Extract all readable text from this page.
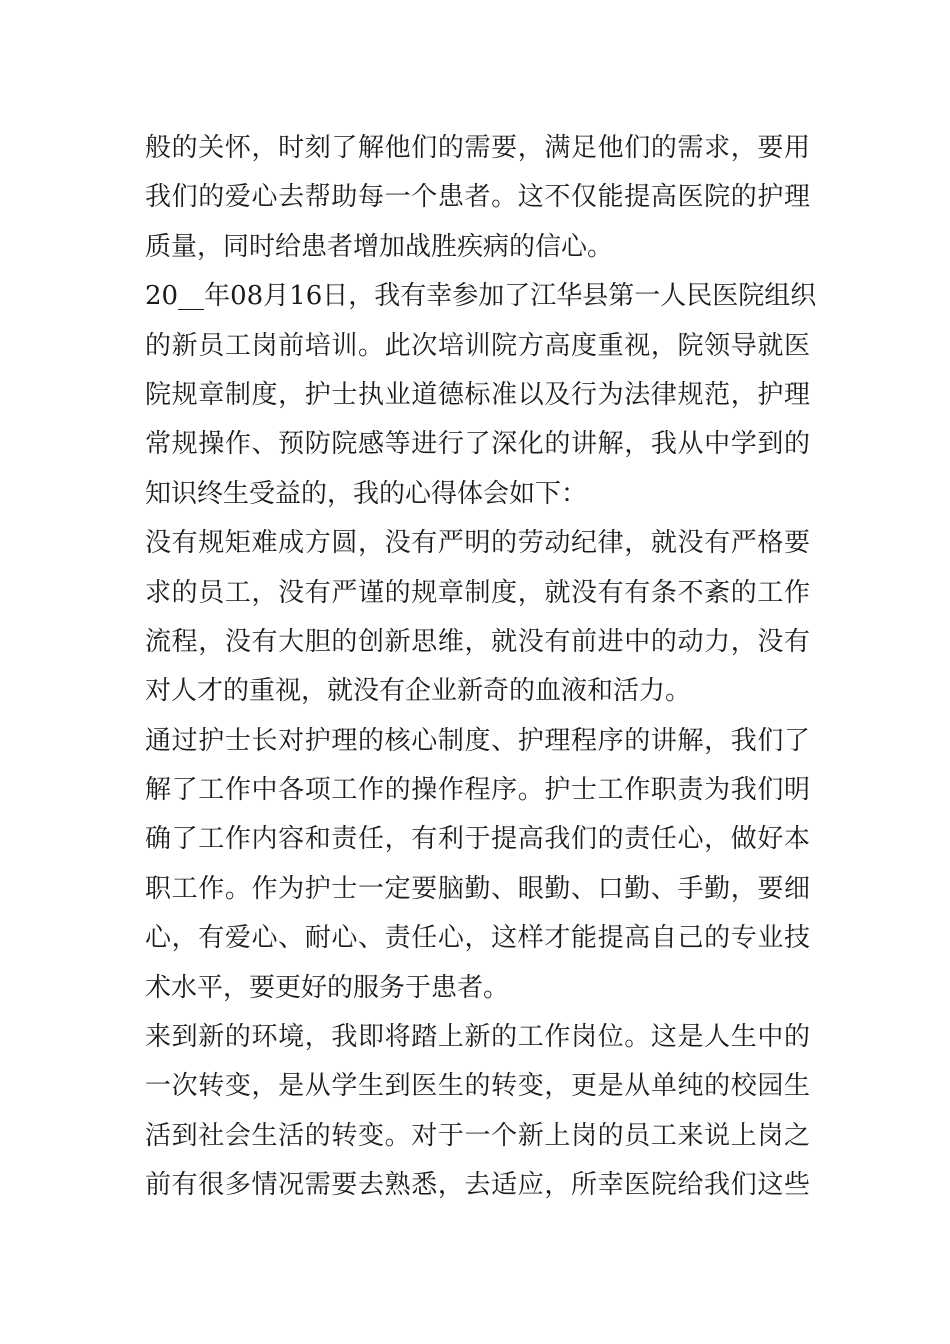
般的关怀，时刻了解他们的需要，满足他们的需求，要用
我们的爱心去帮助每一个患者。这不仅能提高医院的护理
质量，同时给患者增加战胜疾病的信心。
20__年08月16日，我有幸参加了江华县第一人民医院组织
的新员工岗前培训。此次培训院方高度重视，院领导就医
院规章制度，护士执业道德标准以及行为法律规范，护理
常规操作、预防院感等进行了深化的讲解，我从中学到的
知识终生受益的，我的心得体会如下：
没有规矩难成方圆，没有严明的劳动纪律，就没有严格要
求的员工，没有严谨的规章制度，就没有有条不紊的工作
流程，没有大胆的创新思维，就没有前进中的动力，没有
对人才的重视，就没有企业新奇的血液和活力。
通过护士长对护理的核心制度、护理程序的讲解，我们了
解了工作中各项工作的操作程序。护士工作职责为我们明
确了工作内容和责任，有利于提高我们的责任心，做好本
职工作。作为护士一定要脑勤、眼勤、口勤、手勤，要细
心，有爱心、耐心、责任心，这样才能提高自己的专业技
术水平，要更好的服务于患者。
来到新的环境，我即将踏上新的工作岗位。这是人生中的
一次转变，是从学生到医生的转变，更是从单纯的校园生
活到社会生活的转变。对于一个新上岗的员工来说上岗之
前有很多情况需要去熟悉，去适应，所幸医院给我们这些
